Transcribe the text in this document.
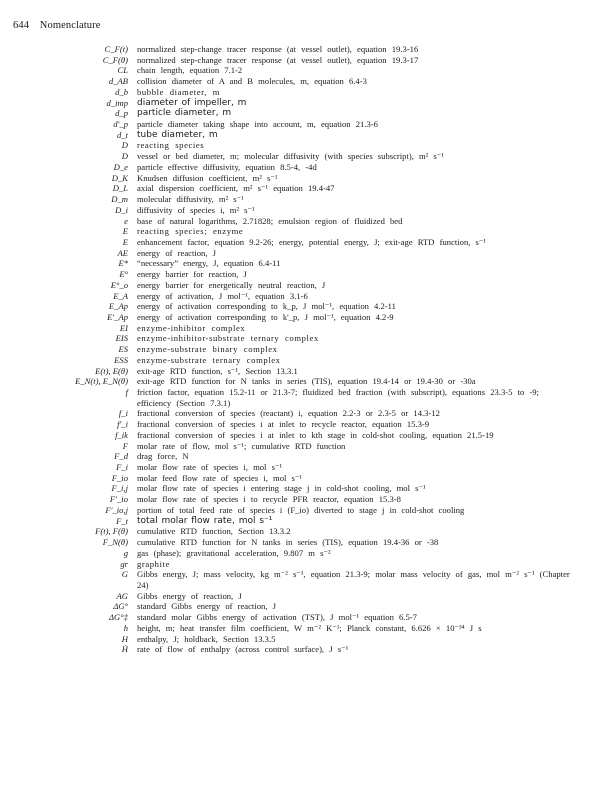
644 Nomenclature
C_F(t) normalized step-change tracer response (at vessel outlet), equation 19.3-16
C_F(θ) normalized step-change tracer response (at vessel outlet), equation 19.3-17
CL chain length, equation 7.1-2
d_AB collision diameter of A and B molecules, m, equation 6.4-3
d_b bubble diameter, m
d_imp diameter of impeller, m
d_p particle diameter, m
d'_p particle diameter taking shape into account, m, equation 21.3-6
d_t tube diameter, m
D reacting species
D vessel or bed diameter, m; molecular diffusivity (with species subscript), m² s⁻¹
D_e particle effective diffusivity, equation 8.5-4, -4d
D_K Knudsen diffusion coefficient, m² s⁻¹
D_L axial dispersion coefficient, m² s⁻¹ equation 19.4-47
D_m molecular diffusivity, m² s⁻¹
D_i diffusivity of species i, m² s⁻¹
e base of natural logarithms, 2.71828; emulsion region of fluidized bed
E reacting species; enzyme
E enhancement factor, equation 9.2-26; energy, potential energy, J; exit-age RTD function, s⁻¹
AE energy of reaction, J
E* “necessary” energy, J, equation 6.4-11
E° energy barrier for reaction, J
E°_o energy barrier for energetically neutral reaction, J
E_A energy of activation, J mol⁻¹, equation 3.1-6
E_Ap energy of activation corresponding to k_p, J mol⁻¹, equation 4.2-11
E'_Ap energy of activation corresponding to k'_p, J mol⁻¹, equation 4.2-9
EI enzyme-inhibitor complex
EIS enzyme-inhibitor-substrate ternary complex
ES enzyme-substrate binary complex
ESS enzyme-substrate ternary complex
E(t), E(θ) exit-age RTD function, s⁻¹, Section 13.3.1
E_N(t), E_N(θ) exit-age RTD function for N tanks in series (TIS), equation 19.4-14 or 19.4-30 or -30a
f friction factor, equation 15.2-11 or 21.3-7; fluidized bed fraction (with subscript), equations 23.3-5 to -9; efficiency (Section 7.3.1)
f_i fractional conversion of species (reactant) i, equation 2.2-3 or 2.3-5 or 14.3-12
f'_i fractional conversion of species i at inlet to recycle reactor, equation 15.3-9
f_ik fractional conversion of species i at inlet to kth stage in cold-shot cooling, equation 21.5-19
F molar rate of flow, mol s⁻¹; cumulative RTD function
F_d drag force, N
F_i molar flow rate of species i, mol s⁻¹
F_io molar feed flow rate of species i, mol s⁻¹
F_i,j molar flow rate of species i entering stage j in cold-shot cooling, mol s⁻¹
F'_io molar flow rate of species i to recycle PFR reactor, equation 15.3-8
F'_io,j portion of total feed rate of species i (F_io) diverted to stage j in cold-shot cooling
F_t total molar flow rate, mol s⁻¹
F(t), F(θ) cumulative RTD function, Section 13.3.2
F_N(θ) cumulative RTD function for N tanks in series (TIS), equation 19.4-36 or -38
g gas (phase); gravitational acceleration, 9.807 m s⁻²
gr graphite
G Gibbs energy, J; mass velocity, kg m⁻² s⁻¹, equation 21.3-9; molar mass velocity of gas, mol m⁻² s⁻¹ (Chapter 24)
AG Gibbs energy of reaction, J
ΔG° standard Gibbs energy of reaction, J
ΔG°‡ standard molar Gibbs energy of activation (TST), J mol⁻¹ equation 6.5-7
h height, m; heat transfer film coefficient, W m⁻² K⁻¹; Planck constant, 6.626 × 10⁻³⁴ J s
H enthalpy, J; holdback, Section 13.3.5
Ḣ rate of flow of enthalpy (across control surface), J s⁻¹
